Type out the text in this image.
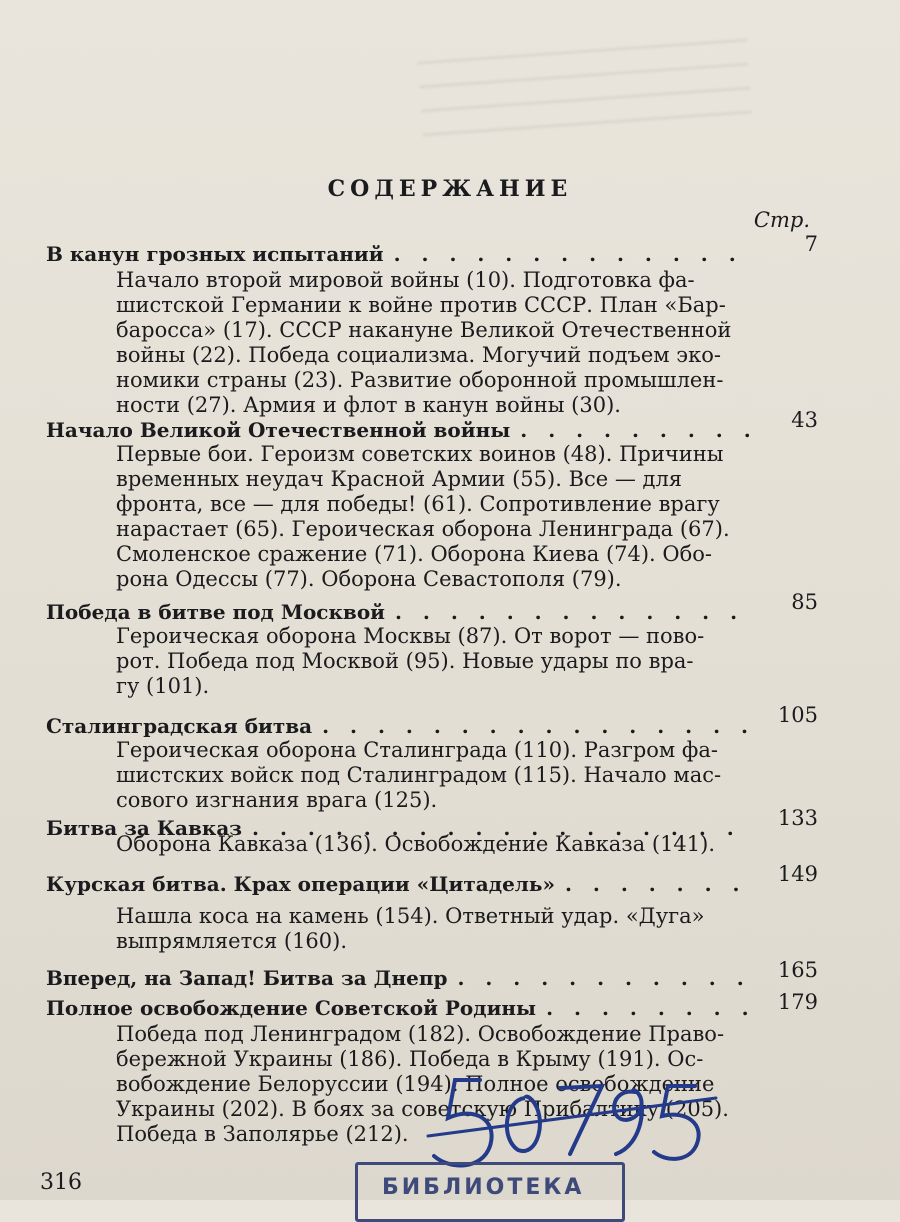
СОДЕРЖАНИЕ
Стр.
В канун грозных испытаний . . .	7
Начало второй мировой войны (10). Подготовка фа-
шистской Германии к войне против СССР. План «Бар-
баросса» (17). СССР накануне Великой Отечественной
войны (22). Победа социализма. Могучий подъем эко-
номики страны (23). Развитие оборонной промышлен-
ности (27). Армия и флот в канун войны (30).
Начало Великой Отечественной войны . . .	43
Первые бои. Героизм советских воинов (48). Причины
временных неудач Красной Армии (55). Все — для
фронта, все — для победы! (61). Сопротивление врагу
нарастает (65). Героическая оборона Ленинграда (67).
Смоленское сражение (71). Оборона Киева (74). Обо-
рона Одессы (77). Оборона Севастополя (79).
Победа в битве под Москвой . . .	85
Героическая оборона Москвы (87). От ворот — пово-
рот. Победа под Москвой (95). Новые удары по вра-
гу (101).
Сталинградская битва . . .	105
Героическая оборона Сталинграда (110). Разгром фа-
шистских войск под Сталинградом (115). Начало мас-
сового изгнания врага (125).
Битва за Кавказ . . .	133
Оборона Кавказа (136). Освобождение Кавказа (141).
Курская битва. Крах операции «Цитадель» . . .	149
Нашла коса на камень (154). Ответный удар. «Дуга»
выпрямляется (160).
Вперед, на Запад! Битва за Днепр . . .	165
Полное освобождение Советской Родины . . .	179
Победа под Ленинградом (182). Освобождение Право-
бережной Украины (186). Победа в Крыму (191). Ос-
вобождение Белоруссии (194). Полное освобождение
Украины (202). В боях за советскую Прибалтику (205).
Победа в Заполярье (212).
316	БИБЛИОТЕКА
